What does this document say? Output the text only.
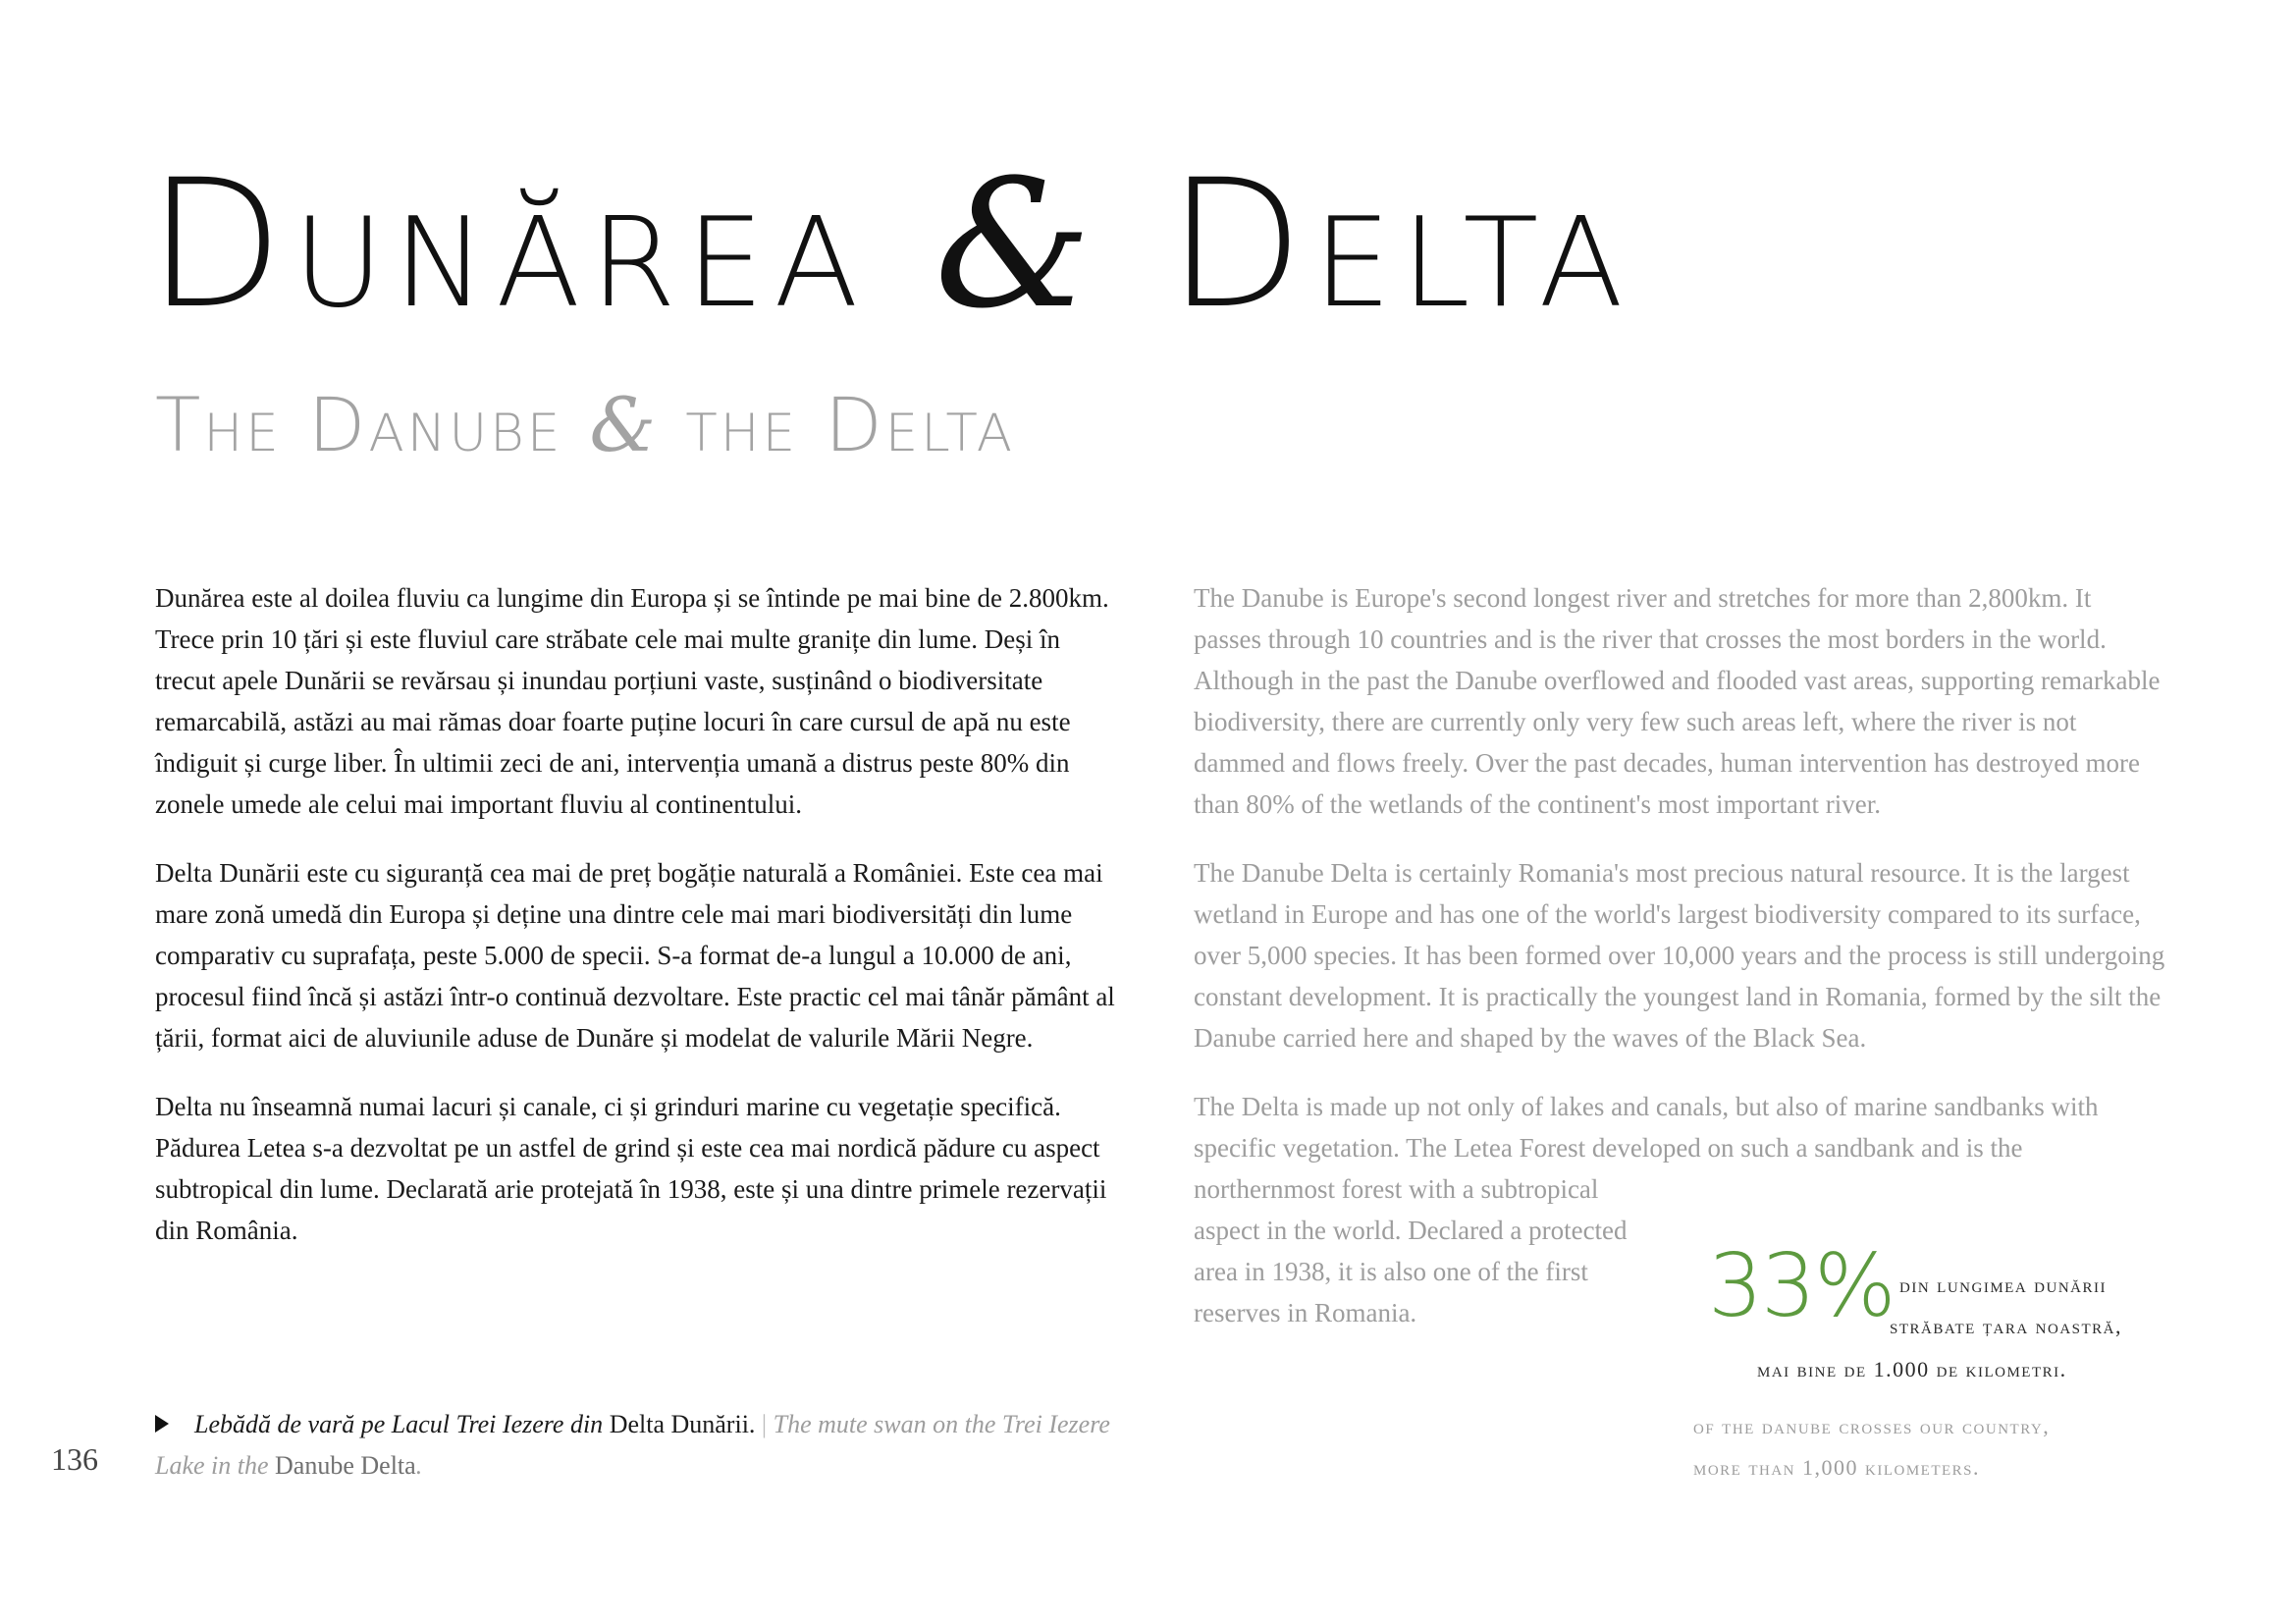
Dunărea & Delta
The Danube & the Delta

Dunărea este al doilea fluviu ca lungime din Europa și se întinde pe mai bine de 2.800km. Trece prin 10 țări și este fluviul care străbate cele mai multe granițe din lume. Deși în trecut apele Dunării se revărsau și inundau porțiuni vaste, susținând o biodiversitate remarcabilă, astăzi au mai rămas doar foarte puține locuri în care cursul de apă nu este îndiguit și curge liber. În ultimii zeci de ani, intervenția umană a distrus peste 80% din zonele umede ale celui mai important fluviu al continentului.

Delta Dunării este cu siguranță cea mai de preț bogăție naturală a României. Este cea mai mare zonă umedă din Europa și deține una dintre cele mai mari biodiversități din lume comparativ cu suprafața, peste 5.000 de specii. S-a format de-a lungul a 10.000 de ani, procesul fiind încă și astăzi într-o continuă dezvoltare. Este practic cel mai tânăr pământ al țării, format aici de aluviunile aduse de Dunăre și modelat de valurile Mării Negre.

Delta nu înseamnă numai lacuri și canale, ci și grinduri marine cu vegetație specifică. Pădurea Letea s-a dezvoltat pe un astfel de grind și este cea mai nordică pădure cu aspect subtropical din lume. Declarată arie protejată în 1938, este și una dintre primele rezervații din România.

The Danube is Europe's second longest river and stretches for more than 2,800km. It passes through 10 countries and is the river that crosses the most borders in the world. Although in the past the Danube overflowed and flooded vast areas, supporting remarkable biodiversity, there are currently only very few such areas left, where the river is not dammed and flows freely. Over the past decades, human intervention has destroyed more than 80% of the wetlands of the continent's most important river.

The Danube Delta is certainly Romania's most precious natural resource. It is the largest wetland in Europe and has one of the world's largest biodiversity compared to its surface, over 5,000 species. It has been formed over 10,000 years and the process is still undergoing constant development. It is practically the youngest land in Romania, formed by the silt the Danube carried here and shaped by the waves of the Black Sea.

The Delta is made up not only of lakes and canals, but also of marine sandbanks with specific vegetation. The Letea Forest developed on such a sandbank and is the

northernmost forest with a subtropical aspect in the world. Declared a protected area in 1938, it is also one of the first reserves in Romania.	33% din lungimea dunării
străbate țara noastră,
mai bine de 1.000 de kilometri.
of the danube crosses our country,
more than 1,000 kilometers.
Lebădă de vară pe Lacul Trei Iezere din Delta Dunării. | The mute swan on the Trei Iezere Lake in the Danube Delta.
136
